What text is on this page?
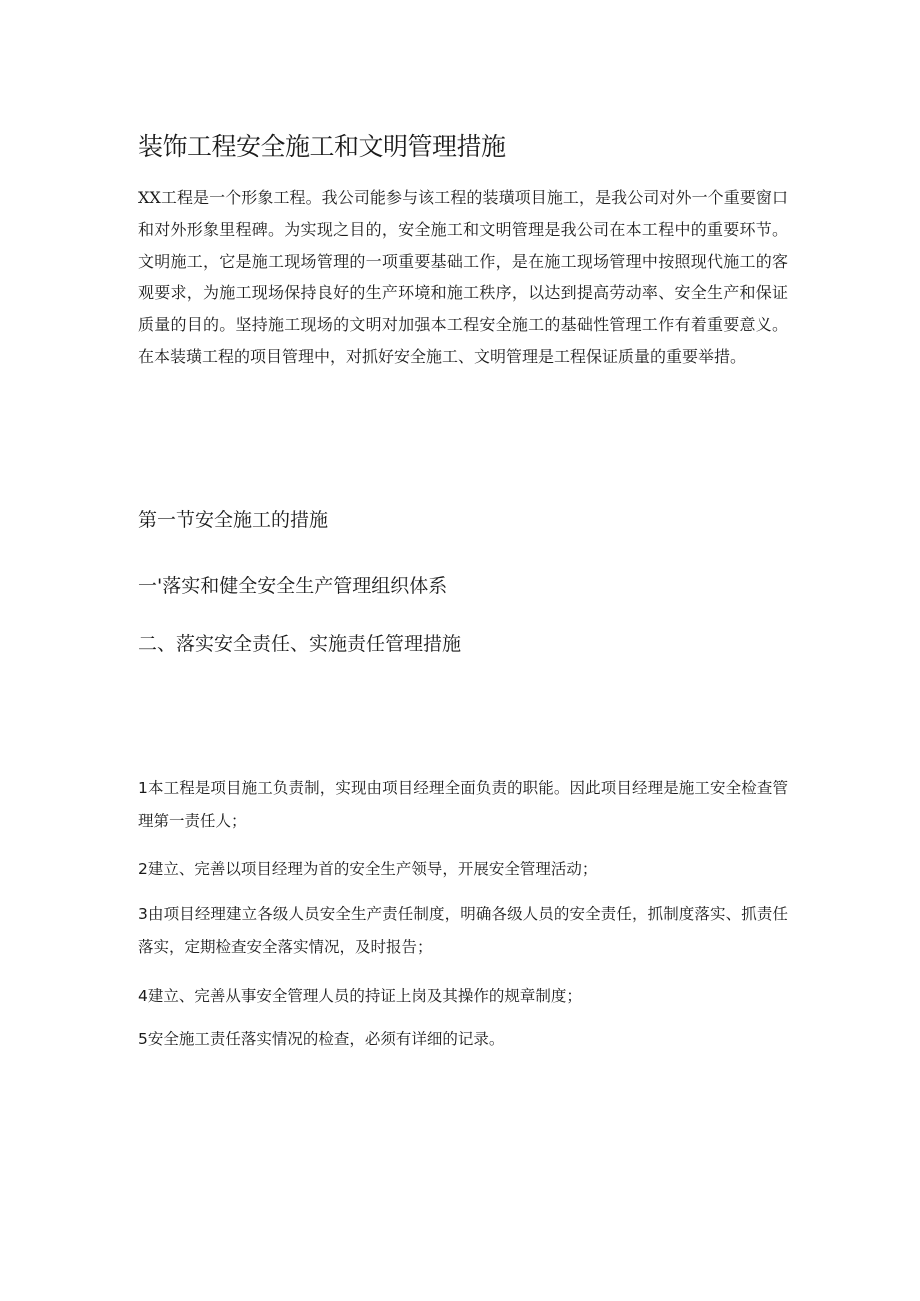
装饰工程安全施工和文明管理措施

XX工程是一个形象工程。我公司能参与该工程的装璜项目施工，是我公司对外一个重要窗口和对外形象里程碑。为实现之目的，安全施工和文明管理是我公司在本工程中的重要环节。文明施工，它是施工现场管理的一项重要基础工作，是在施工现场管理中按照现代施工的客观要求，为施工现场保持良好的生产环境和施工秩序，以达到提高劳动率、安全生产和保证质量的目的。坚持施工现场的文明对加强本工程安全施工的基础性管理工作有着重要意义。在本装璜工程的项目管理中，对抓好安全施工、文明管理是工程保证质量的重要举措。

第一节安全施工的措施
一'落实和健全安全生产管理组织体系
二、落实安全责任、实施责任管理措施

1本工程是项目施工负责制，实现由项目经理全面负责的职能。因此项目经理是施工安全检查管理第一责任人；

2建立、完善以项目经理为首的安全生产领导，开展安全管理活动；

3由项目经理建立各级人员安全生产责任制度，明确各级人员的安全责任，抓制度落实、抓责任落实，定期检查安全落实情况，及时报告；

4建立、完善从事安全管理人员的持证上岗及其操作的规章制度；

5安全施工责任落实情况的检查，必须有详细的记录。
